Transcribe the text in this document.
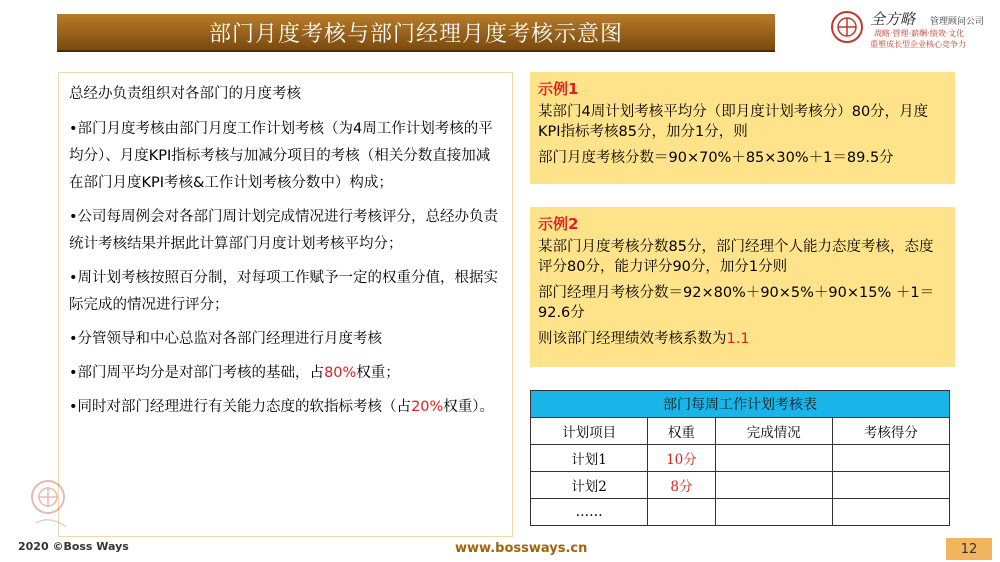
部门月度考核与部门经理月度考核示意图
全方略 管理顾问公司
战略·管理·薪酬·绩效·文化
重塑成长型企业核心竞争力

总经办负责组织对各部门的月度考核

•部门月度考核由部门月度工作计划考核（为4周工作计划考核的平均分）、月度KPI指标考核与加减分项目的考核（相关分数直接加减在部门月度KPI考核&工作计划考核分数中）构成；

•公司每周例会对各部门周计划完成情况进行考核评分，总经办负责统计考核结果并据此计算部门月度计划考核平均分；

•周计划考核按照百分制，对每项工作赋予一定的权重分值，根据实际完成的情况进行评分；

•分管领导和中心总监对各部门经理进行月度考核

•部门周平均分是对部门考核的基础，占80%权重；

•同时对部门经理进行有关能力态度的软指标考核（占20%权重）。

示例1

某部门4周计划考核平均分（即月度计划考核分）80分，月度KPI指标考核85分，加分1分，则

部门月度考核分数＝90×70%＋85×30%＋1＝89.5分

示例2

某部门月度考核分数85分，部门经理个人能力态度考核，态度评分80分，能力评分90分，加分1分则

部门经理月考核分数＝92×80%＋90×5%＋90×15% ＋1＝92.6分

则该部门经理绩效考核系数为1.1

部门每周工作计划考核表			
计划项目	权重	完成情况	考核得分
计划1	10分		
计划2	8分		
……			
2020 ©Boss Ways	www.bossways.cn	12
